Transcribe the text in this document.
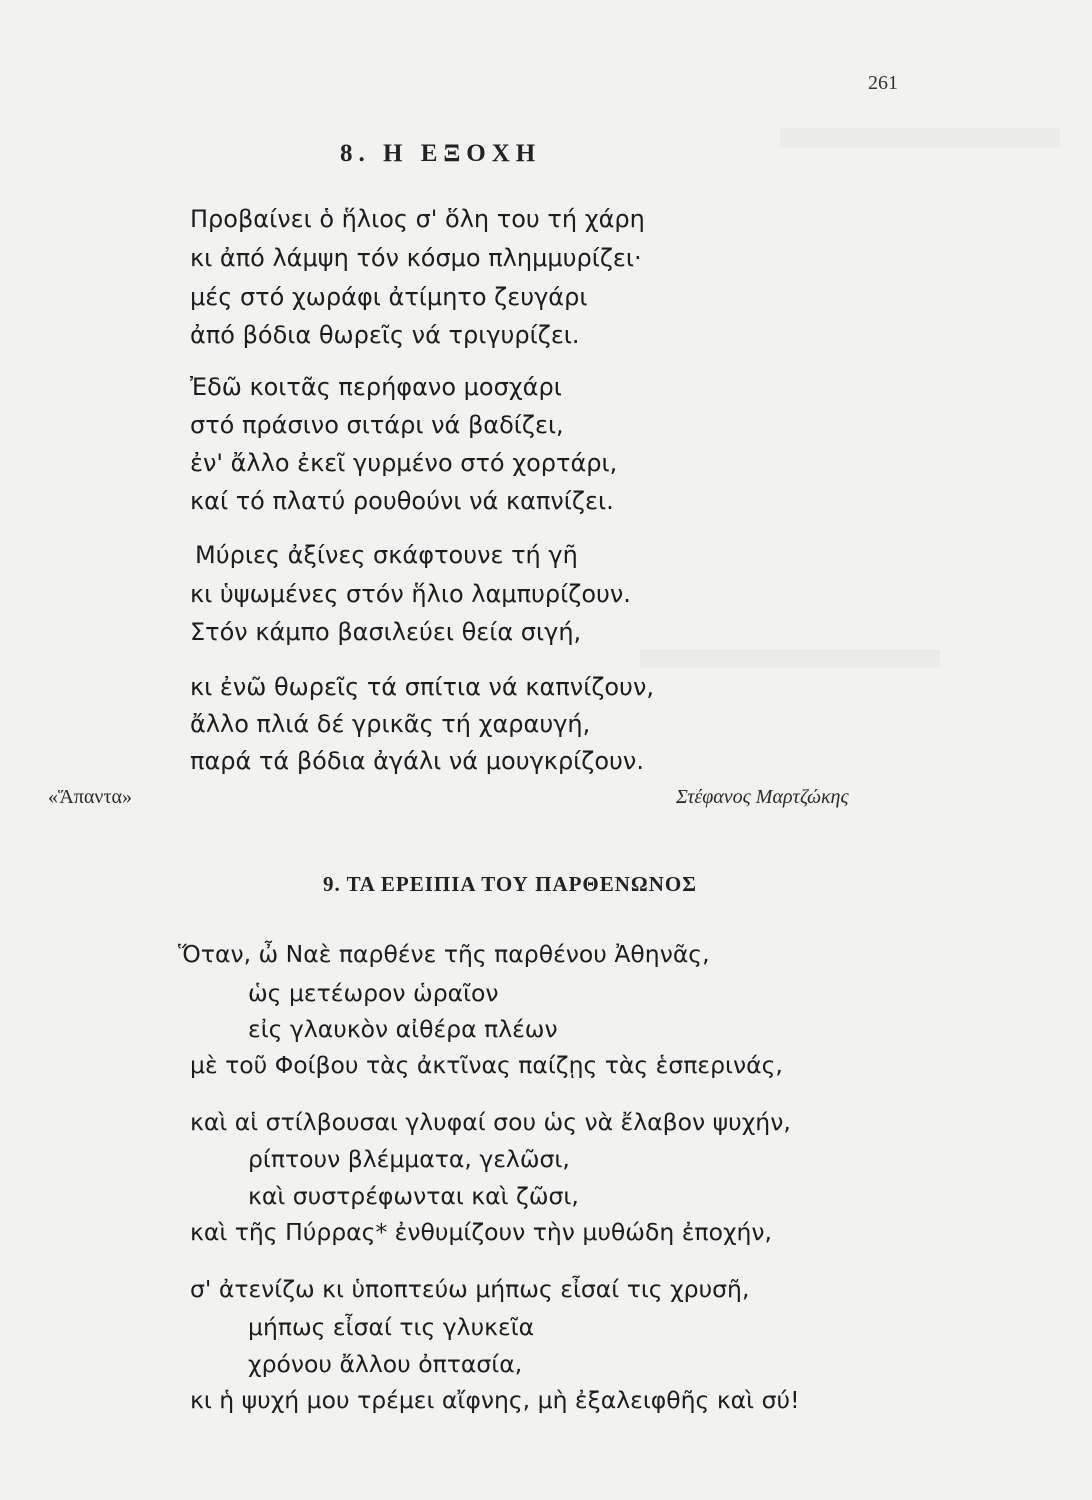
261
8. Η ΕΞΟΧΗ
Προβαίνει ὁ ἥλιος σ' ὅλη του τή χάρη
κι ἀπό λάμψη τόν κόσμο πλημμυρίζει·
μές στό χωράφι ἀτίμητο ζευγάρι
ἀπό βόδια θωρεῖς νά τριγυρίζει.
Ἐδῶ κοιτᾶς περήφανο μοσχάρι
στό πράσινο σιτάρι νά βαδίζει,
ἐν' ἄλλο ἐκεῖ γυρμένο στό χορτάρι,
καί τό πλατύ ρουθούνι νά καπνίζει.
Μύριες ἀξίνες σκάφτουνε τή γῆ
κι ὑψωμένες στόν ἥλιο λαμπυρίζουν.
Στόν κάμπο βασιλεύει θεία σιγή,
κι ἐνῶ θωρεῖς τά σπίτια νά καπνίζουν,
ἄλλο πλιά δέ γρικᾶς τή χαραυγή,
παρά τά βόδια ἀγάλι νά μουγκρίζουν.
«Ἅπαντα»	Στέφανος Μαρτζώκης
9. ΤΑ ΕΡΕΙΠΙΑ ΤΟΥ ΠΑΡΘΕΝΩΝΟΣ
Ὅταν, ὦ Ναὲ παρθένε τῆς παρθένου Ἀθηνᾶς,
ὡς μετέωρον ὡραῖον
εἰς γλαυκὸν αἰθέρα πλέων
μὲ τοῦ Φοίβου τὰς ἀκτῖνας παίζῃς τὰς ἑσπερινάς,
καὶ αἱ στίλβουσαι γλυφαί σου ὡς νὰ ἔλαβον ψυχήν,
ρίπτουν βλέμματα, γελῶσι,
καὶ συστρέφωνται καὶ ζῶσι,
καὶ τῆς Πύρρας* ἐνθυμίζουν τὴν μυθώδη ἐποχήν,
σ' ἀτενίζω κι ὑποπτεύω μήπως εἶσαί τις χρυσῆ,
μήπως εἶσαί τις γλυκεῖα
χρόνου ἄλλου ὀπτασία,
κι ἡ ψυχή μου τρέμει αἴφνης, μὴ ἐξαλειφθῆς καὶ σύ!
